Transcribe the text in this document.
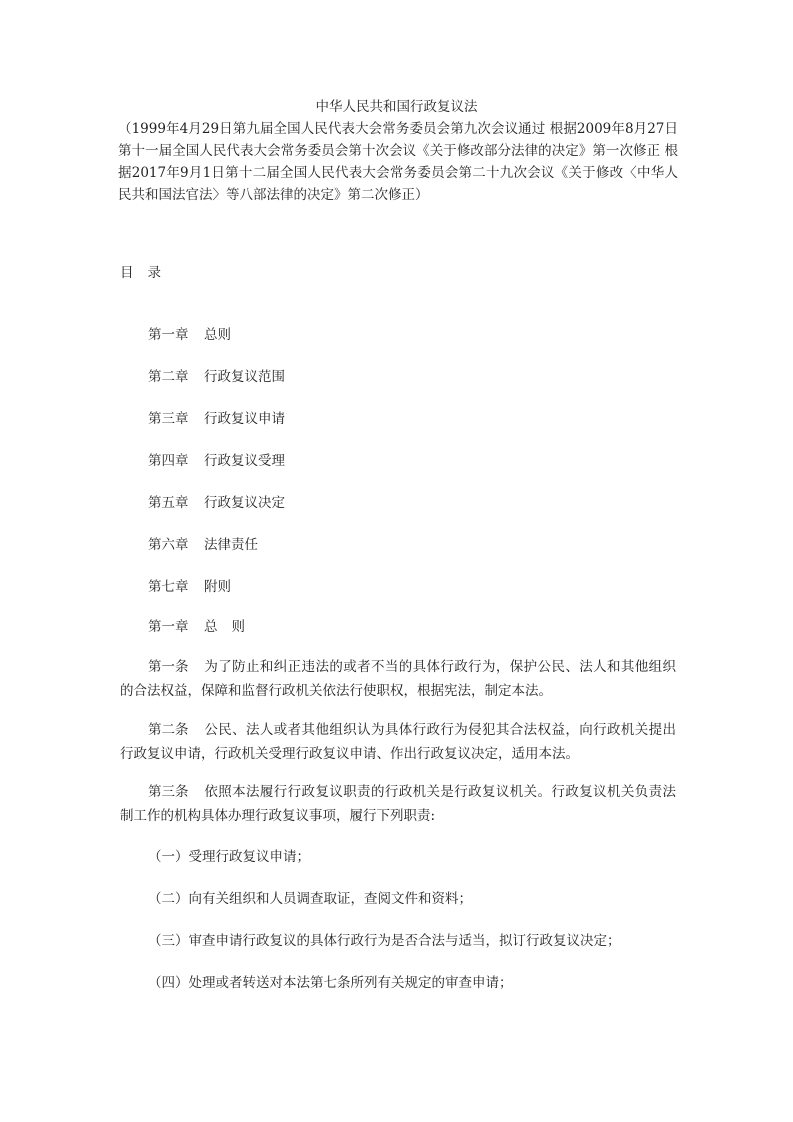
中华人民共和国行政复议法
（1999年4月29日第九届全国人民代表大会常务委员会第九次会议通过 根据2009年8月27日第十一届全国人民代表大会常务委员会第十次会议《关于修改部分法律的决定》第一次修正 根据2017年9月1日第十二届全国人民代表大会常务委员会第二十九次会议《关于修改〈中华人民共和国法官法〉等八部法律的决定》第二次修正）
目 录
第一章 总则
第二章 行政复议范围
第三章 行政复议申请
第四章 行政复议受理
第五章 行政复议决定
第六章 法律责任
第七章 附则
第一章 总 则
第一条 为了防止和纠正违法的或者不当的具体行政行为，保护公民、法人和其他组织的合法权益，保障和监督行政机关依法行使职权，根据宪法，制定本法。
第二条 公民、法人或者其他组织认为具体行政行为侵犯其合法权益，向行政机关提出行政复议申请，行政机关受理行政复议申请、作出行政复议决定，适用本法。
第三条 依照本法履行行政复议职责的行政机关是行政复议机关。行政复议机关负责法制工作的机构具体办理行政复议事项，履行下列职责:
（一）受理行政复议申请；
（二）向有关组织和人员调查取证，查阅文件和资料；
（三）审查申请行政复议的具体行政行为是否合法与适当，拟订行政复议决定；
（四）处理或者转送对本法第七条所列有关规定的审查申请；
